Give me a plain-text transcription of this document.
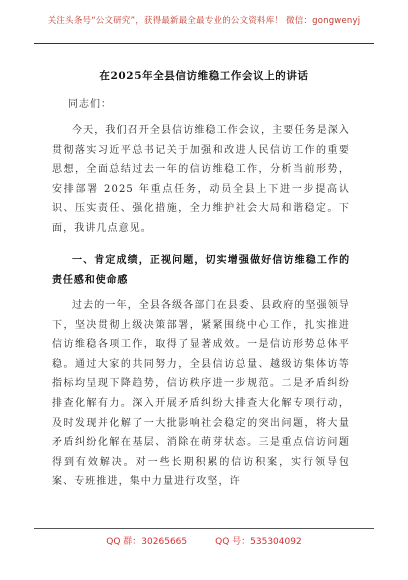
关注头条号“公文研究”，获得最新最全最专业的公文资料库！ 微信：gongwenyj
在2025年全县信访维稳工作会议上的讲话
同志们：

今天，我们召开全县信访维稳工作会议，主要任务是深入贯彻落实习近平总书记关于加强和改进人民信访工作的重要思想，全面总结过去一年的信访维稳工作，分析当前形势，安排部署 2025 年重点任务，动员全县上下进一步提高认识、压实责任、强化措施，全力维护社会大局和谐稳定。下面，我讲几点意见。

一、肯定成绩，正视问题，切实增强做好信访维稳工作的责任感和使命感

过去的一年，全县各级各部门在县委、县政府的坚强领导下，坚决贯彻上级决策部署，紧紧围绕中心工作，扎实推进信访维稳各项工作，取得了显著成效。一是信访形势总体平稳。通过大家的共同努力，全县信访总量、越级访集体访等指标均呈现下降趋势，信访秩序进一步规范。二是矛盾纠纷排查化解有力。深入开展矛盾纠纷大排查大化解专项行动，及时发现并化解了一大批影响社会稳定的突出问题，将大量矛盾纠纷化解在基层、消除在萌芽状态。三是重点信访问题得到有效解决。对一些长期积累的信访积案，实行领导包案、专班推进，集中力量进行攻坚，许

QQ 群：30265665	QQ 号：535304092
